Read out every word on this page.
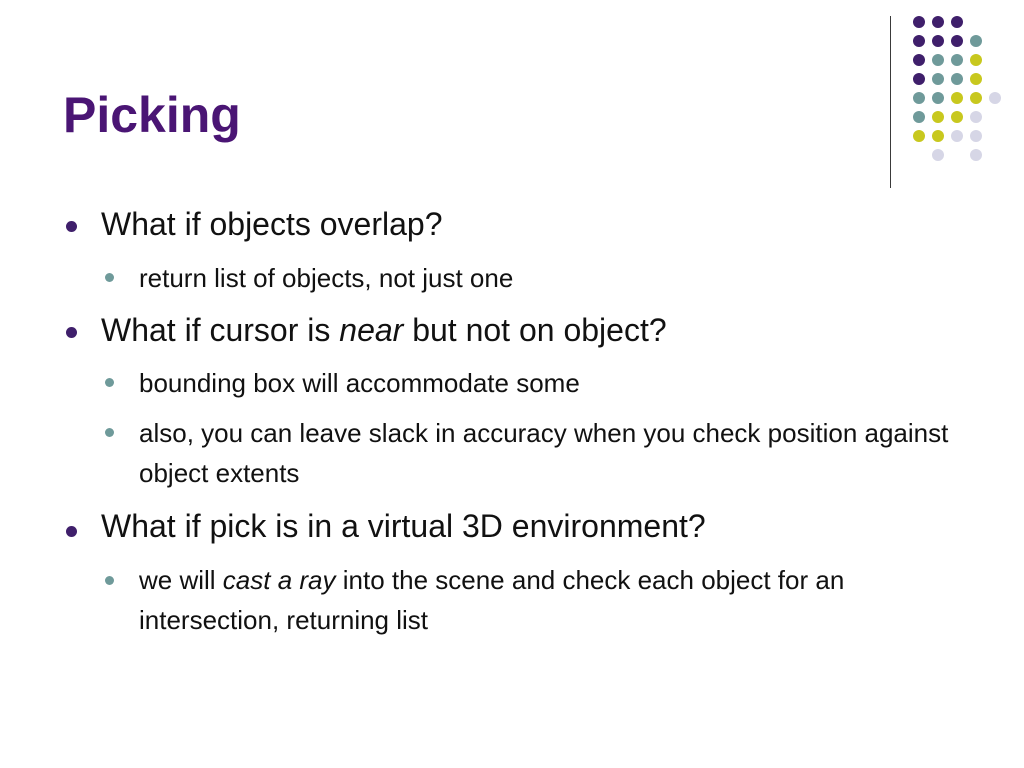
Picking
What if objects overlap?
return list of objects, not just one
What if cursor is near but not on object?
bounding box will accommodate some
also, you can leave slack in accuracy when you check position against object extents
What if pick is in a virtual 3D environment?
we will cast a ray into the scene and check each object for an intersection, returning list
